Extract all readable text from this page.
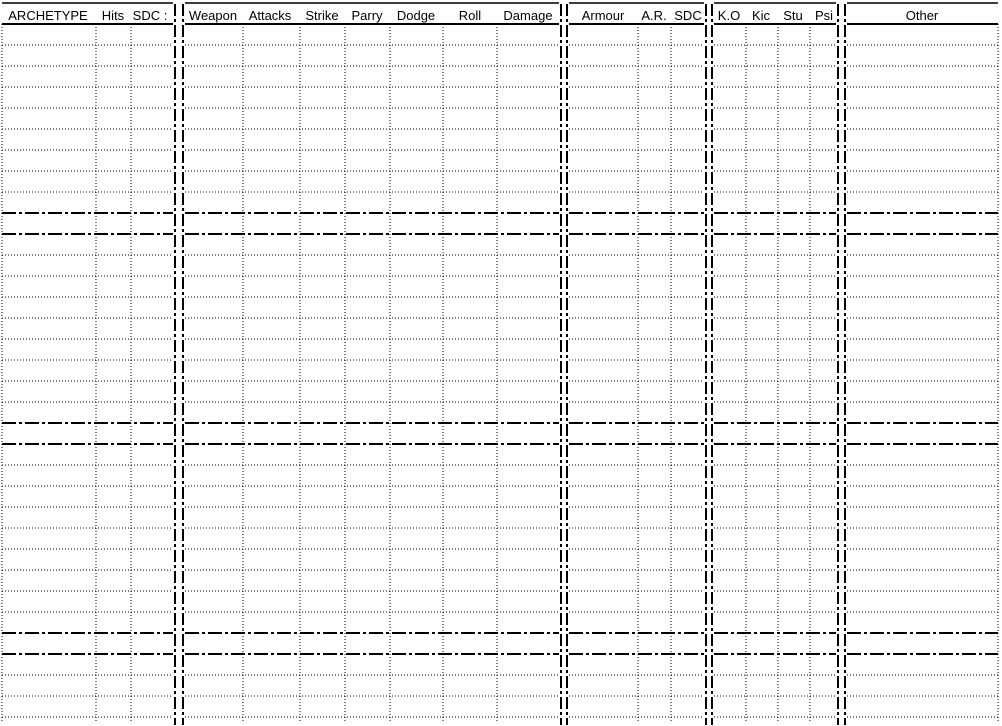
ARCHETYPE Hits SDC : Weapon Attacks Strike Parry Dodge Roll Damage Armour A.R. SDC K.O Kic Stu Psi	Other
